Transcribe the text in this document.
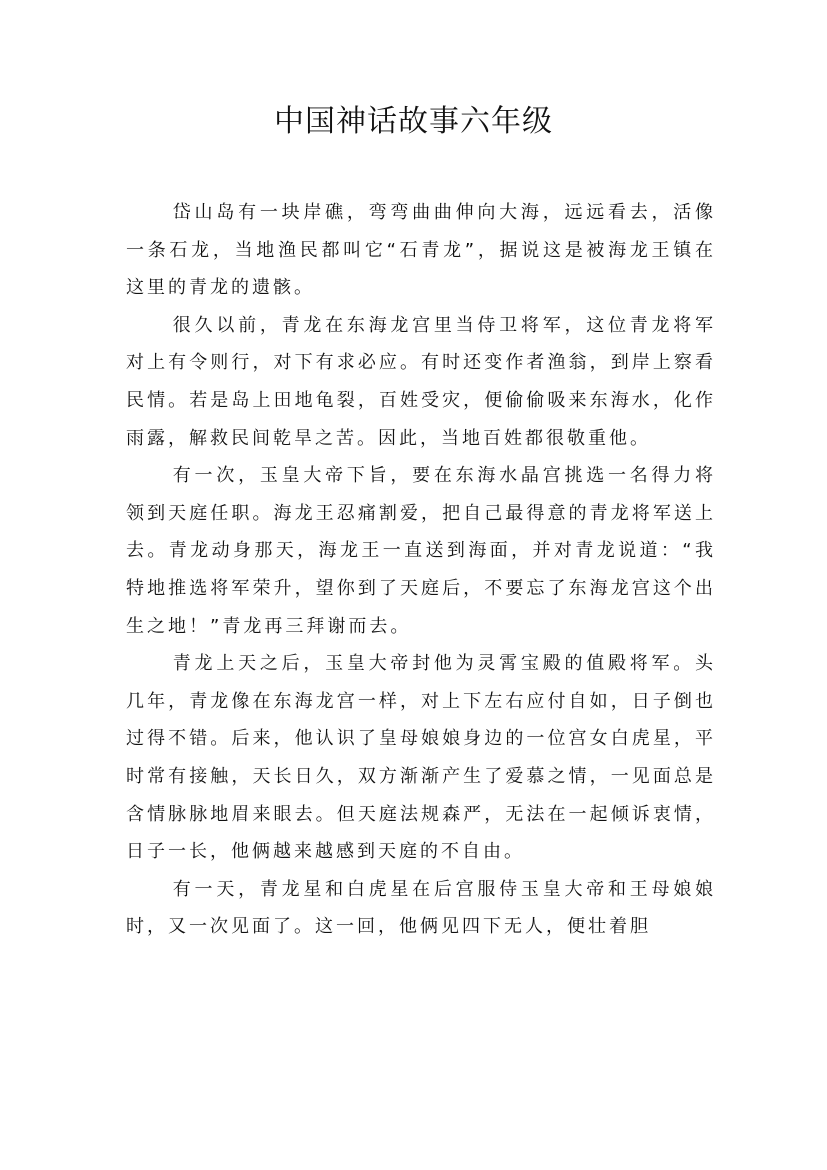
中国神话故事六年级

岱山岛有一块岸礁，弯弯曲曲伸向大海，远远看去，活像一条石龙，当地渔民都叫它“石青龙”，据说这是被海龙王镇在这里的青龙的遗骸。

很久以前，青龙在东海龙宫里当侍卫将军，这位青龙将军对上有令则行，对下有求必应。有时还变作者渔翁，到岸上察看民情。若是岛上田地龟裂，百姓受灾，便偷偷吸来东海水，化作雨露，解救民间乾旱之苦。因此，当地百姓都很敬重他。

有一次，玉皇大帝下旨，要在东海水晶宫挑选一名得力将领到天庭任职。海龙王忍痛割爱，把自己最得意的青龙将军送上去。青龙动身那天，海龙王一直送到海面，并对青龙说道：“我特地推选将军荣升，望你到了天庭后，不要忘了东海龙宫这个出生之地！”青龙再三拜谢而去。

青龙上天之后，玉皇大帝封他为灵霄宝殿的值殿将军。头几年，青龙像在东海龙宫一样，对上下左右应付自如，日子倒也过得不错。后来，他认识了皇母娘娘身边的一位宫女白虎星，平时常有接触，天长日久，双方渐渐产生了爱慕之情，一见面总是含情脉脉地眉来眼去。但天庭法规森严，无法在一起倾诉衷情，日子一长，他俩越来越感到天庭的不自由。

有一天，青龙星和白虎星在后宫服侍玉皇大帝和王母娘娘时，又一次见面了。这一回，他俩见四下无人，便壮着胆
